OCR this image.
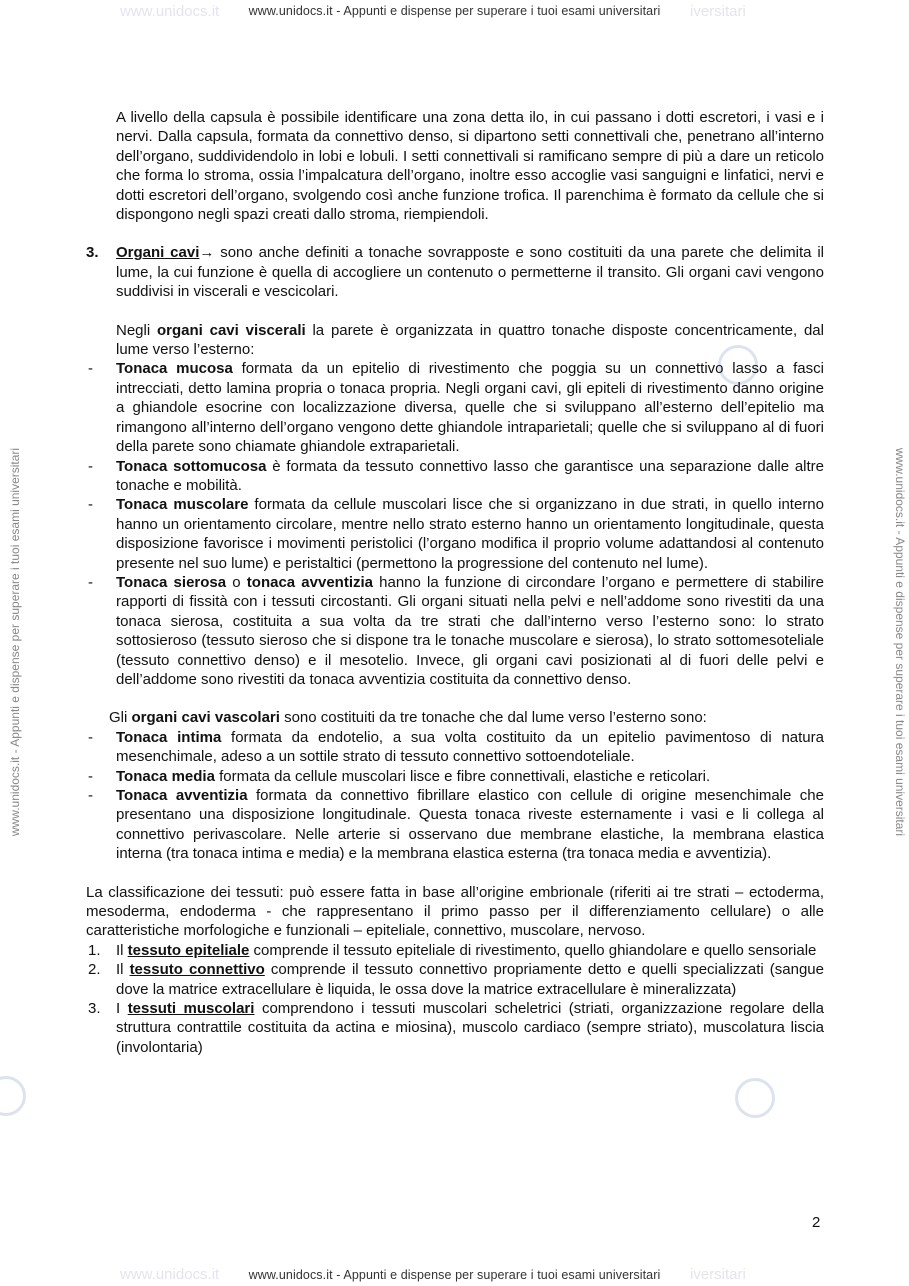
www.unidocs.it	iversitari
www.unidocs.it	iversitari
www.unidocs.it - Appunti e dispense per superare i tuoi esami universitari
www.unidocs.it - Appunti e dispense per superare i tuoi esami universitari	www.unidocs.it - Appunti e dispense per superare i tuoi esami universitari

A livello della capsula è possibile identificare una zona detta ilo, in cui passano i dotti escretori, i vasi e i nervi. Dalla capsula, formata da connettivo denso, si dipartono setti connettivali che, penetrano all’interno dell’organo, suddividendolo in lobi e lobuli. I setti connettivali si ramificano sempre di più a dare un reticolo che forma lo stroma, ossia l’impalcatura dell’organo, inoltre esso accoglie vasi sanguigni e linfatici, nervi e dotti escretori dell’organo, svolgendo così anche funzione trofica. Il parenchima è formato da cellule che si dispongono negli spazi creati dallo stroma, riempiendoli.

3. Organi cavi→ sono anche definiti a tonache sovrapposte e sono costituiti da una parete che delimita il lume, la cui funzione è quella di accogliere un contenuto o permetterne il transito. Gli organi cavi vengono suddivisi in viscerali e vescicolari.

Negli organi cavi viscerali la parete è organizzata in quattro tonache disposte concentricamente, dal lume verso l’esterno:

- Tonaca mucosa formata da un epitelio di rivestimento che poggia su un connettivo lasso a fasci intrecciati, detto lamina propria o tonaca propria. Negli organi cavi, gli epiteli di rivestimento danno origine a ghiandole esocrine con localizzazione diversa, quelle che si sviluppano all’esterno dell’epitelio ma rimangono all’interno dell’organo vengono dette ghiandole intraparietali; quelle che si sviluppano al di fuori della parete sono chiamate ghiandole extraparietali.
- Tonaca sottomucosa è formata da tessuto connettivo lasso che garantisce una separazione dalle altre tonache e mobilità.
- Tonaca muscolare formata da cellule muscolari lisce che si organizzano in due strati, in quello interno hanno un orientamento circolare, mentre nello strato esterno hanno un orientamento longitudinale, questa disposizione favorisce i movimenti peristolici (l’organo modifica il proprio volume adattandosi al contenuto presente nel suo lume) e peristaltici (permettono la progressione del contenuto nel lume).
- Tonaca sierosa o tonaca avventizia hanno la funzione di circondare l’organo e permettere di stabilire rapporti di fissità con i tessuti circostanti. Gli organi situati nella pelvi e nell’addome sono rivestiti da una tonaca sierosa, costituita a sua volta da tre strati che dall’interno verso l’esterno sono: lo strato sottosieroso (tessuto sieroso che si dispone tra le tonache muscolare e sierosa), lo strato sottomesoteliale (tessuto connettivo denso) e il mesotelio. Invece, gli organi cavi posizionati al di fuori delle pelvi e dell’addome sono rivestiti da tonaca avventizia costituita da connettivo denso.

Gli organi cavi vascolari sono costituiti da tre tonache che dal lume verso l’esterno sono:

- Tonaca intima formata da endotelio, a sua volta costituito da un epitelio pavimentoso di natura mesenchimale, adeso a un sottile strato di tessuto connettivo sottoendoteliale.
- Tonaca media formata da cellule muscolari lisce e fibre connettivali, elastiche e reticolari.
- Tonaca avventizia formata da connettivo fibrillare elastico con cellule di origine mesenchimale che presentano una disposizione longitudinale. Questa tonaca riveste esternamente i vasi e li collega al connettivo perivascolare. Nelle arterie si osservano due membrane elastiche, la membrana elastica interna (tra tonaca intima e media) e la membrana elastica esterna (tra tonaca media e avventizia).

La classificazione dei tessuti: può essere fatta in base all’origine embrionale (riferiti ai tre strati – ectoderma, mesoderma, endoderma - che rappresentano il primo passo per il differenziamento cellulare) o alle caratteristiche morfologiche e funzionali – epiteliale, connettivo, muscolare, nervoso.

1. Il tessuto epiteliale comprende il tessuto epiteliale di rivestimento, quello ghiandolare e quello sensoriale
2. Il tessuto connettivo comprende il tessuto connettivo propriamente detto e quelli specializzati (sangue dove la matrice extracellulare è liquida, le ossa dove la matrice extracellulare è mineralizzata)
3. I tessuti muscolari comprendono i tessuti muscolari scheletrici (striati, organizzazione regolare della struttura contrattile costituita da actina e miosina), muscolo cardiaco (sempre striato), muscolatura liscia (involontaria)
2
www.unidocs.it - Appunti e dispense per superare i tuoi esami universitari
